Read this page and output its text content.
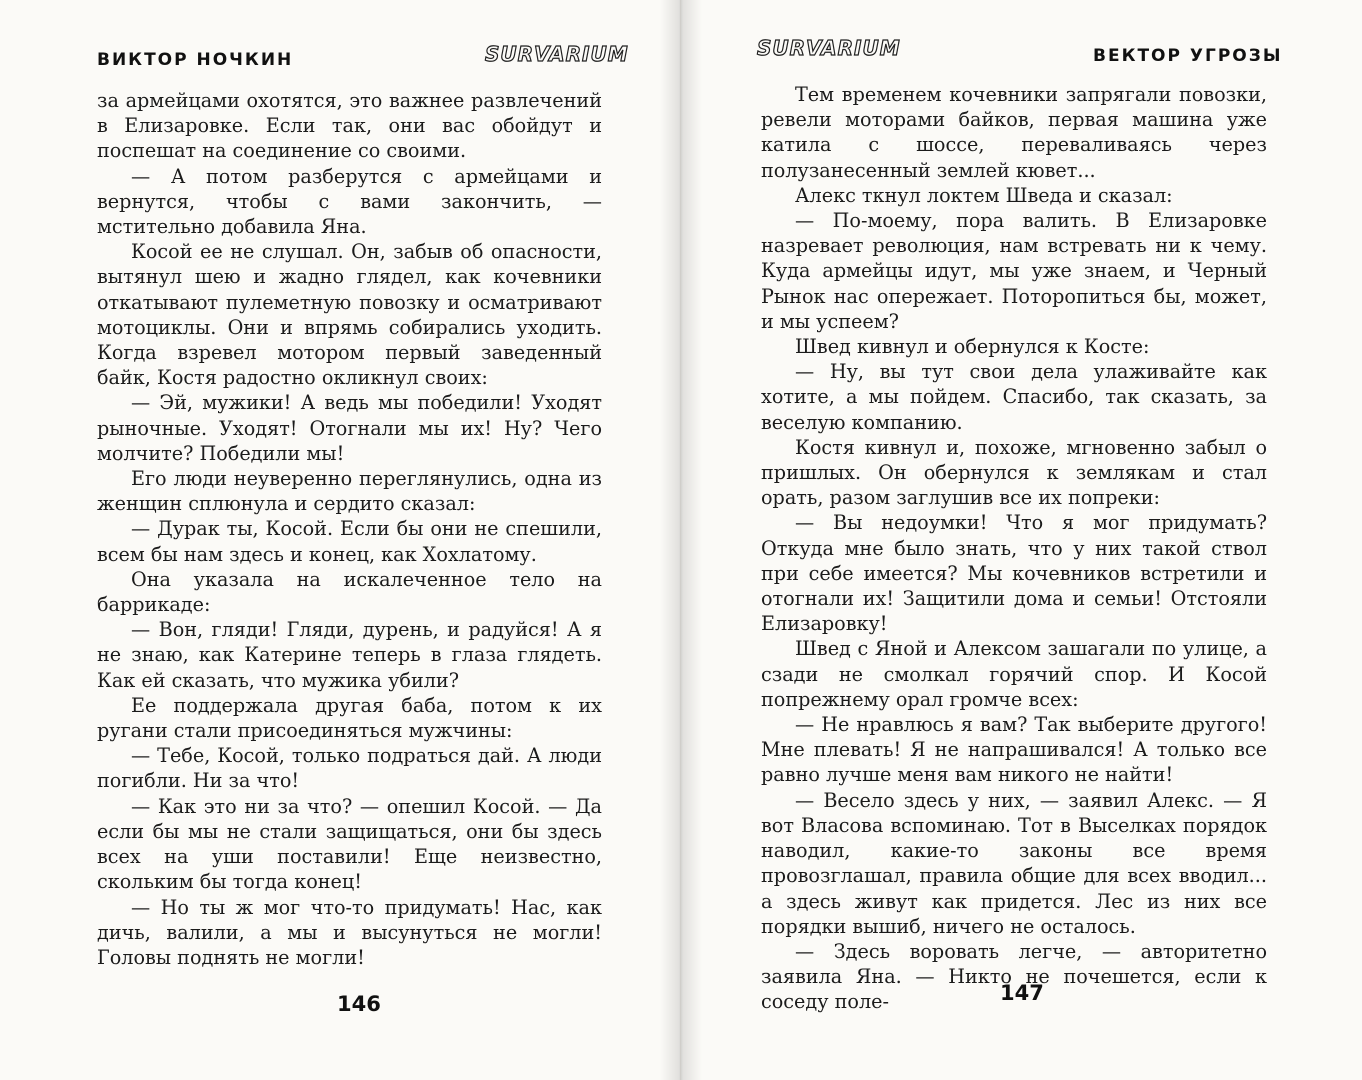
ВИКТОР НОЧКИН	SURVARIUM

за армейцами охотятся, это важнее развлечений в Елизаровке. Если так, они вас обойдут и поспешат на соединение со своими.

— А потом разберутся с армейцами и вернутся, чтобы с вами закончить, — мстительно добавила Яна.

Косой ее не слушал. Он, забыв об опасности, вытянул шею и жадно глядел, как кочевники откатывают пулеметную повозку и осматривают мотоциклы. Они и впрямь собирались уходить. Когда взревел мотором первый заведенный байк, Костя радостно окликнул своих:

— Эй, мужики! А ведь мы победили! Уходят рыночные. Уходят! Отогнали мы их! Ну? Чего молчите? Победили мы!

Его люди неуверенно переглянулись, одна из женщин сплюнула и сердито сказал:

— Дурак ты, Косой. Если бы они не спешили, всем бы нам здесь и конец, как Хохлатому.

Она указала на искалеченное тело на баррикаде:

— Вон, гляди! Гляди, дурень, и радуйся! А я не знаю, как Катерине теперь в глаза глядеть. Как ей сказать, что мужика убили?

Ее поддержала другая баба, потом к их ругани стали присоединяться мужчины:

— Тебе, Косой, только подраться дай. А люди погибли. Ни за что!

— Как это ни за что? — опешил Косой. — Да если бы мы не стали защищаться, они бы здесь всех на уши поставили! Еще неизвестно, скольким бы тогда конец!

— Но ты ж мог что-то придумать! Нас, как дичь, валили, а мы и высунуться не могли! Головы поднять не могли!

146
SURVARIUM	ВЕКТОР УГРОЗЫ

Тем временем кочевники запрягали повозки, ревели моторами байков, первая машина уже катила с шоссе, переваливаясь через полузанесенный землей кювет...

Алекс ткнул локтем Шведа и сказал:

— По-моему, пора валить. В Елизаровке назревает революция, нам встревать ни к чему. Куда армейцы идут, мы уже знаем, и Черный Рынок нас опережает. Поторопиться бы, может, и мы успеем?

Швед кивнул и обернулся к Косте:

— Ну, вы тут свои дела улаживайте как хотите, а мы пойдем. Спасибо, так сказать, за веселую компанию.

Костя кивнул и, похоже, мгновенно забыл о пришлых. Он обернулся к землякам и стал орать, разом заглушив все их попреки:

— Вы недоумки! Что я мог придумать? Откуда мне было знать, что у них такой ствол при себе имеется? Мы кочевников встретили и отогнали их! Защитили дома и семьи! Отстояли Елизаровку!

Швед с Яной и Алексом зашагали по улице, а сзади не смолкал горячий спор. И Косой попрежнему орал громче всех:

— Не нравлюсь я вам? Так выберите другого! Мне плевать! Я не напрашивался! А только все равно лучше меня вам никого не найти!

— Весело здесь у них, — заявил Алекс. — Я вот Власова вспоминаю. Тот в Выселках порядок наводил, какие-то законы все время провозглашал, правила общие для всех вводил... а здесь живут как придется. Лес из них все порядки вышиб, ничего не осталось.

— Здесь воровать легче, — авторитетно заявила Яна. — Никто не почешется, если к соседу поле-	147
